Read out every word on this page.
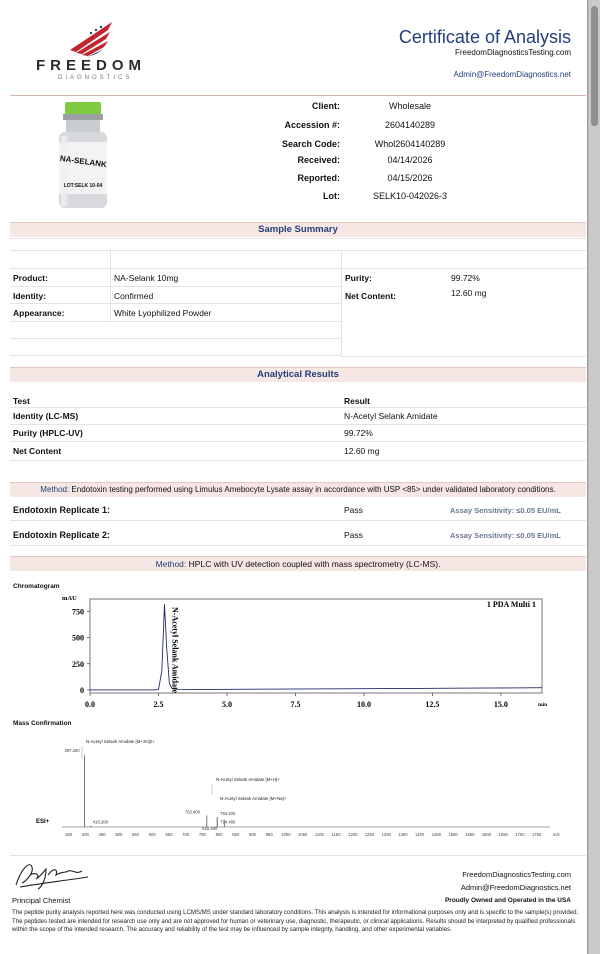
FREEDOM
DIAGNOSTICS
Certificate of Analysis
FreedomDiagnosticsTesting.com
Admin@FreedomDiagnostics.net
NA-SELANK
LOT:SELK 10-04
Client:	Wholesale
Accession #:	2604140289
Search Code:	Whol2604140289
Received:	04/14/2026
Reported:	04/15/2026
Lot:	SELK10-042026-3
Sample Summary
Product:	NA-Selank 10mg
Identity:	Confirmed
Appearance:	White Lyophilized Powder
Purity:	99.72%
Net Content:	12.60 mg
Analytical Results
Test	Result
Identity (LC-MS)	N-Acetyl Selank Amidate
Purity (HPLC-UV)	99.72%
Net Content	12.60 mg
Method: Endotoxin testing performed using Limulus Amebocyte Lysate assay in accordance with USP <85> under validated laboratory conditions.
Endotoxin Replicate 1:	Pass	Assay Sensitivity: ≤0.05 EU/mL
Endotoxin Replicate 2:	Pass	Assay Sensitivity: ≤0.05 EU/mL
Method: HPLC with UV detection coupled with mass spectrometry (LC-MS).
Chromatogram
mAU
1 PDA Multi 1
0
250
500
750
0.0	2.5	5.0	7.5	10.0	12.5	15.0	min
N-Acetyl Selank Amidate
Mass Confirmation
350 400 450 500 550 600 650 700 750 800 850 900 950 1000 1050 1100 1150 1200 1250 1300 1350 1400 1450 1500 1550 1600 1650 1700 1750	m/z
ESI+
397.200
416.200
763.400	794.200
794.400
815.400
N-Acetyl Selank Amidate [M+2H]2+
N-Acetyl Selank Amidate [M+H]+
N-Acetyl Selank Amidate [M+Na]+
Principal Chemist
FreedomDiagnosticsTesting.com
Admin@FreedomDiagnostics.net
Proudly Owned and Operated in the USA
The peptide purity analysis reported here was conducted using LCMS/MS under standard laboratory conditions. This analysis is intended for informational purposes only and is specific to the sample(s) provided. The peptides tested are intended for research use only and are not approved for human or veterinary use, diagnostic, therapeutic, or clinical applications. Results should be interpreted by qualified professionals within the scope of the intended research. The accuracy and reliability of the test may be influenced by sample integrity, handling, and other experimental variables.
